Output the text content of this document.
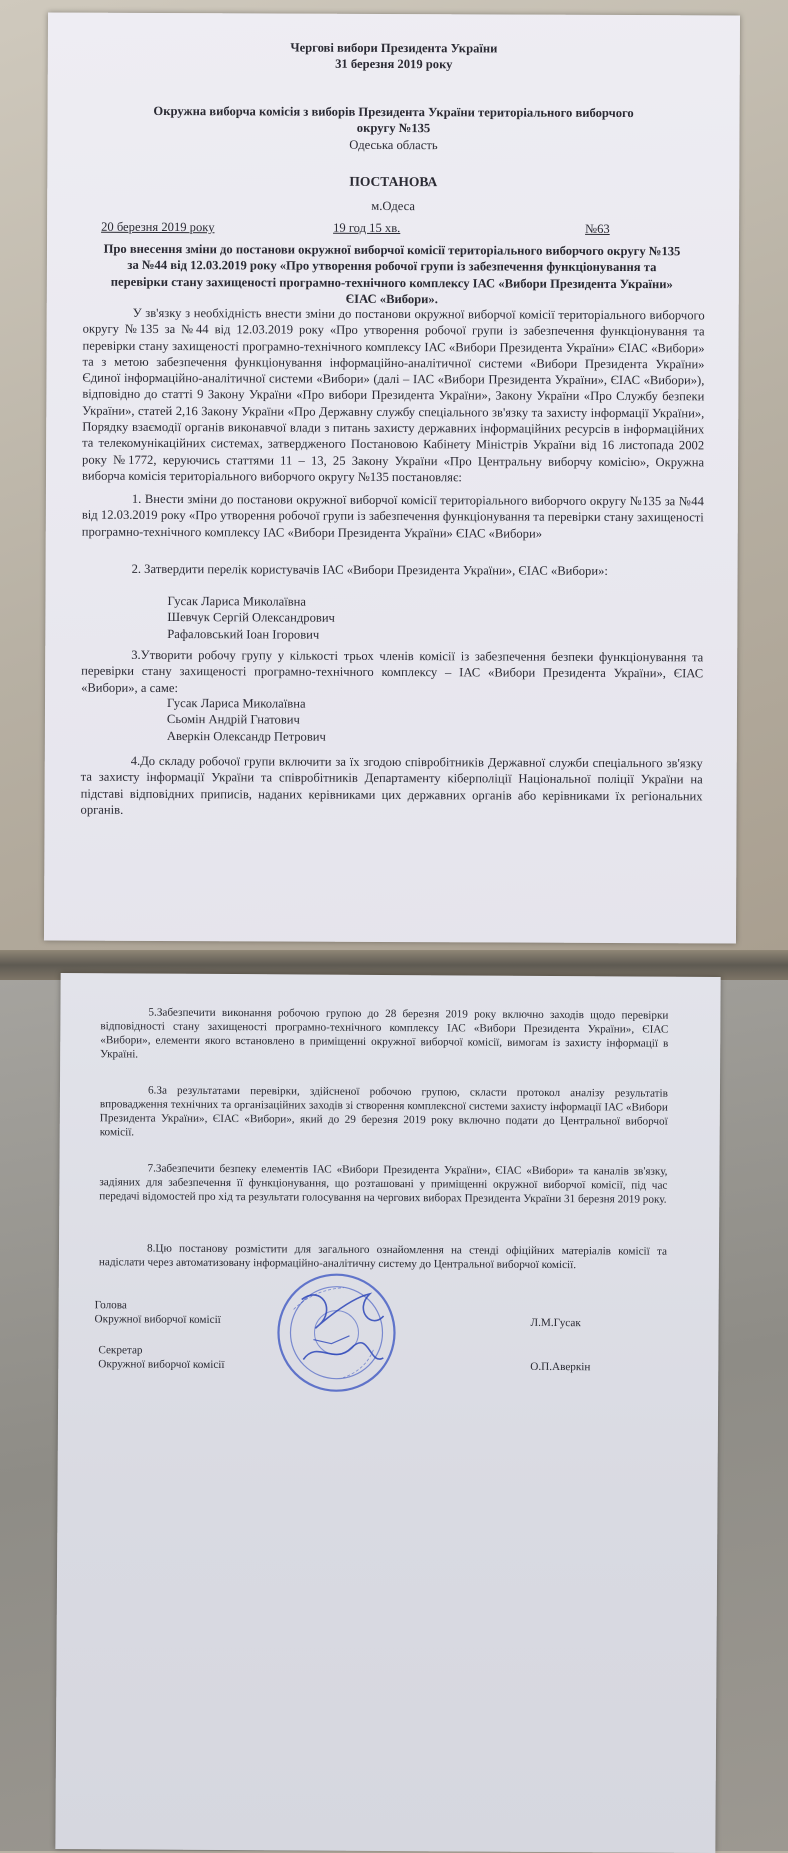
Чергові вибори Президента України
31 березня 2019 року
Окружна виборча комісія з виборів Президента України територіального виборчого
округу №135
Одеська область
ПОСТАНОВА
м.Одеса
20 березня 2019 року	19 год 15 хв.	№63
Про внесення зміни до постанови окружної виборчої комісії територіального виборчого округу №135 за №44 від 12.03.2019 року «Про утворення робочої групи із забезпечення функціонування та перевірки стану захищеності програмно-технічного комплексу ІАС «Вибори Президента України» ЄІАС «Вибори».
У зв'язку з необхідність внести зміни до постанови окружної виборчої комісії територіального виборчого округу №135 за №44 від 12.03.2019 року «Про утворення робочої групи із забезпечення функціонування та перевірки стану захищеності програмно-технічного комплексу ІАС «Вибори Президента України» ЄІАС «Вибори» та з метою забезпечення функціонування інформаційно-аналітичної системи «Вибори Президента України» Єдиної інформаційно-аналітичної системи «Вибори» (далі – ІАС «Вибори Президента України», ЄІАС «Вибори»), відповідно до статті 9 Закону України «Про вибори Президента України», Закону України «Про Службу безпеки України», статей 2,16 Закону України «Про Державну службу спеціального зв'язку та захисту інформації України», Порядку взаємодії органів виконавчої влади з питань захисту державних інформаційних ресурсів в інформаційних та телекомунікаційних системах, затвердженого Постановою Кабінету Міністрів України від 16 листопада 2002 року №1772, керуючись статтями 11 – 13, 25 Закону України «Про Центральну виборчу комісію», Окружна виборча комісія територіального виборчого округу №135 постановляє:
1. Внести зміни до постанови окружної виборчої комісії територіального виборчого округу №135 за №44 від 12.03.2019 року «Про утворення робочої групи із забезпечення функціонування та перевірки стану захищеності програмно-технічного комплексу ІАС «Вибори Президента України» ЄІАС «Вибори»
2. Затвердити перелік користувачів ІАС «Вибори Президента України», ЄІАС «Вибори»:
Гусак Лариса Миколаївна
Шевчук Сергій Олександрович
Рафаловський Іоан Ігорович
3.Утворити робочу групу у кількості трьох членів комісії із забезпечення безпеки функціонування та перевірки стану захищеності програмно-технічного комплексу – ІАС «Вибори Президента України», ЄІАС «Вибори», а саме:
Гусак Лариса Миколаївна
Сьомін Андрій Гнатович
Аверкін Олександр Петрович
4.До складу робочої групи включити за їх згодою співробітників Державної служби спеціального зв'язку та захисту інформації України та співробітників Департаменту кіберполіції Національної поліції України на підставі відповідних приписів, наданих керівниками цих державних органів або керівниками їх регіональних органів.
5.Забезпечити виконання робочою групою до 28 березня 2019 року включно заходів щодо перевірки відповідності стану захищеності програмно-технічного комплексу ІАС «Вибори Президента України», ЄІАС «Вибори», елементи якого встановлено в приміщенні окружної виборчої комісії, вимогам із захисту інформації в Україні.
6.За результатами перевірки, здійсненої робочою групою, скласти протокол аналізу результатів впровадження технічних та організаційних заходів зі створення комплексної системи захисту інформації ІАС «Вибори Президента України», ЄІАС «Вибори», який до 29 березня 2019 року включно подати до Центральної виборчої комісії.
7.Забезпечити безпеку елементів ІАС «Вибори Президента України», ЄІАС «Вибори» та каналів зв'язку, задіяних для забезпечення її функціонування, що розташовані у приміщенні окружної виборчої комісії, під час передачі відомостей про хід та результати голосування на чергових виборах Президента України 31 березня 2019 року.
8.Цю постанову розмістити для загального ознайомлення на стенді офіційних матеріалів комісії та надіслати через автоматизовану інформаційно-аналітичну систему до Центральної виборчої комісії.
Голова
Окружної виборчої комісії	Л.М.Гусак
Секретар
Окружної виборчої комісії	О.П.Аверкін
